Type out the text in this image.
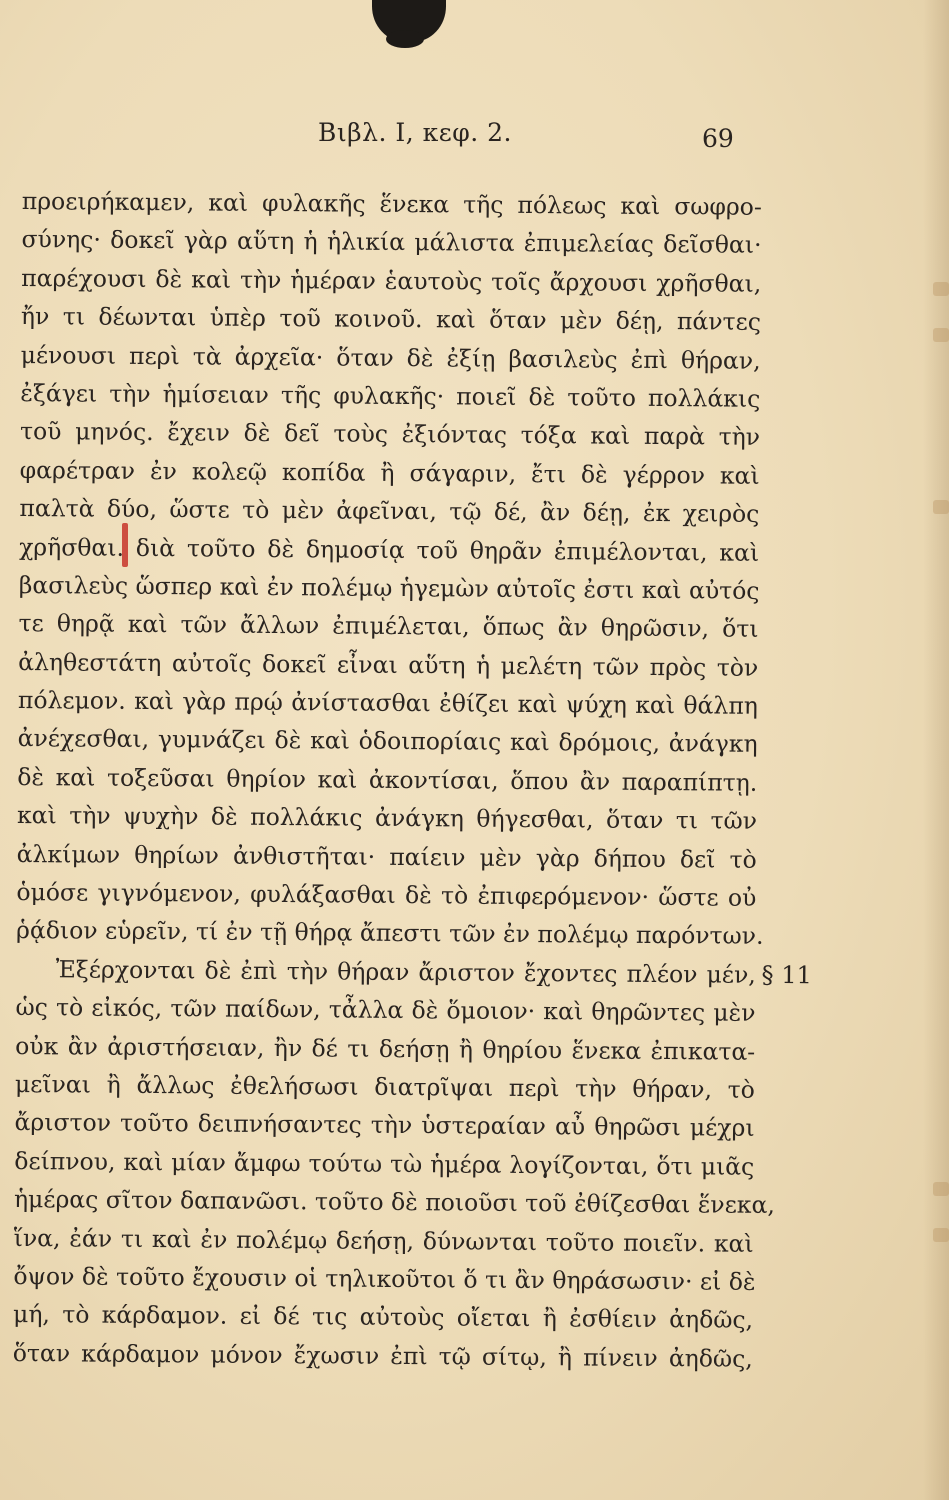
Βιβλ. Ι, κεφ. 2.	69
προειρήκαμεν, καὶ φυλακῆς ἕνεκα τῆς πόλεως καὶ σωφρο-
σύνης· δοκεῖ γὰρ αὕτη ἡ ἡλικία μάλιστα ἐπιμελείας δεῖσθαι·
παρέχουσι δὲ καὶ τὴν ἡμέραν ἑαυτοὺς τοῖς ἄρχουσι χρῆσθαι,
ἤν τι δέωνται ὑπὲρ τοῦ κοινοῦ. καὶ ὅταν μὲν δέῃ, πάντες
μένουσι περὶ τὰ ἀρχεῖα· ὅταν δὲ ἐξίῃ βασιλεὺς ἐπὶ θήραν,
ἐξάγει τὴν ἡμίσειαν τῆς φυλακῆς· ποιεῖ δὲ τοῦτο πολλάκις
τοῦ μηνός. ἔχειν δὲ δεῖ τοὺς ἐξιόντας τόξα καὶ παρὰ τὴν
φαρέτραν ἐν κολεῷ κοπίδα ἢ σάγαριν, ἔτι δὲ γέρρον καὶ
παλτὰ δύο, ὥστε τὸ μὲν ἀφεῖναι, τῷ δέ, ἂν δέῃ, ἐκ χειρὸς
χρῆσθαι. διὰ τοῦτο δὲ δημοσίᾳ τοῦ θηρᾶν ἐπιμέλονται, καὶ
βασιλεὺς ὥσπερ καὶ ἐν πολέμῳ ἡγεμὼν αὐτοῖς ἐστι καὶ αὐτός
τε θηρᾷ καὶ τῶν ἄλλων ἐπιμέλεται, ὅπως ἂν θηρῶσιν, ὅτι
ἀληθεστάτη αὐτοῖς δοκεῖ εἶναι αὕτη ἡ μελέτη τῶν πρὸς τὸν
πόλεμον. καὶ γὰρ πρῴ ἀνίστασθαι ἐθίζει καὶ ψύχη καὶ θάλπη
ἀνέχεσθαι, γυμνάζει δὲ καὶ ὁδοιπορίαις καὶ δρόμοις, ἀνάγκη
δὲ καὶ τοξεῦσαι θηρίον καὶ ἀκοντίσαι, ὅπου ἂν παραπίπτῃ.
καὶ τὴν ψυχὴν δὲ πολλάκις ἀνάγκη θήγεσθαι, ὅταν τι τῶν
ἀλκίμων θηρίων ἀνθιστῆται· παίειν μὲν γὰρ δήπου δεῖ τὸ
ὁμόσε γιγνόμενον, φυλάξασθαι δὲ τὸ ἐπιφερόμενον· ὥστε οὐ
ῥᾴδιον εὑρεῖν, τί ἐν τῇ θήρᾳ ἄπεστι τῶν ἐν πολέμῳ παρόντων.
Ἐξέρχονται δὲ ἐπὶ τὴν θήραν ἄριστον ἔχοντες πλέον μέν, § 11
ὡς τὸ εἰκός, τῶν παίδων, τἆλλα δὲ ὅμοιον· καὶ θηρῶντες μὲν
οὐκ ἂν ἀριστήσειαν, ἢν δέ τι δεήσῃ ἢ θηρίου ἕνεκα ἐπικατα-
μεῖναι ἢ ἄλλως ἐθελήσωσι διατρῖψαι περὶ τὴν θήραν, τὸ
ἄριστον τοῦτο δειπνήσαντες τὴν ὑστεραίαν αὖ θηρῶσι μέχρι
δείπνου, καὶ μίαν ἄμφω τούτω τὼ ἡμέρα λογίζονται, ὅτι μιᾶς
ἡμέρας σῖτον δαπανῶσι. τοῦτο δὲ ποιοῦσι τοῦ ἐθίζεσθαι ἕνεκα,
ἵνα, ἐάν τι καὶ ἐν πολέμῳ δεήσῃ, δύνωνται τοῦτο ποιεῖν. καὶ
ὄψον δὲ τοῦτο ἔχουσιν οἱ τηλικοῦτοι ὅ τι ἂν θηράσωσιν· εἰ δὲ
μή, τὸ κάρδαμον. εἰ δέ τις αὐτοὺς οἴεται ἢ ἐσθίειν ἀηδῶς,
ὅταν κάρδαμον μόνον ἔχωσιν ἐπὶ τῷ σίτῳ, ἢ πίνειν ἀηδῶς,
